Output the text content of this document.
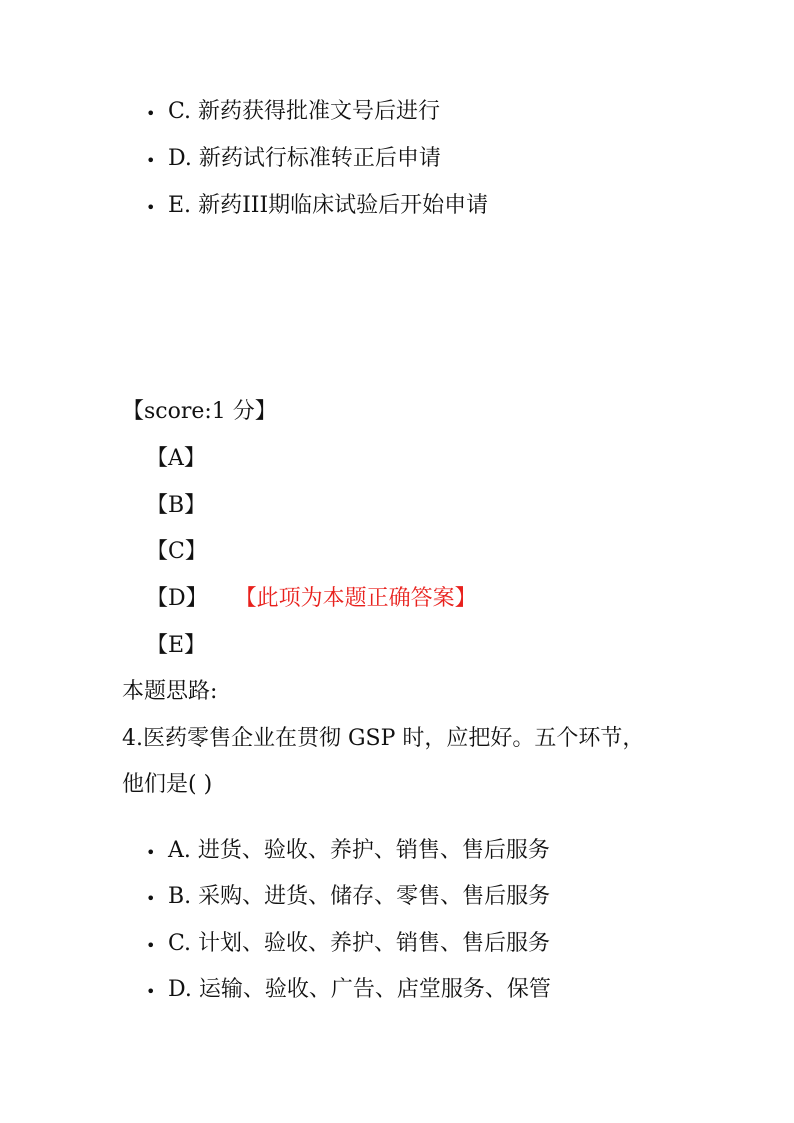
• C. 新药获得批准文号后进行
• D. 新药试行标准转正后申请
• E. 新药III期临床试验后开始申请
【score:1 分】
【A】
【B】
【C】
【D】 【此项为本题正确答案】
【E】
本题思路:
4.医药零售企业在贯彻 GSP 时，应把好。五个环节，
他们是( )
• A. 进货、验收、养护、销售、售后服务
• B. 采购、进货、储存、零售、售后服务
• C. 计划、验收、养护、销售、售后服务
• D. 运输、验收、广告、店堂服务、保管
